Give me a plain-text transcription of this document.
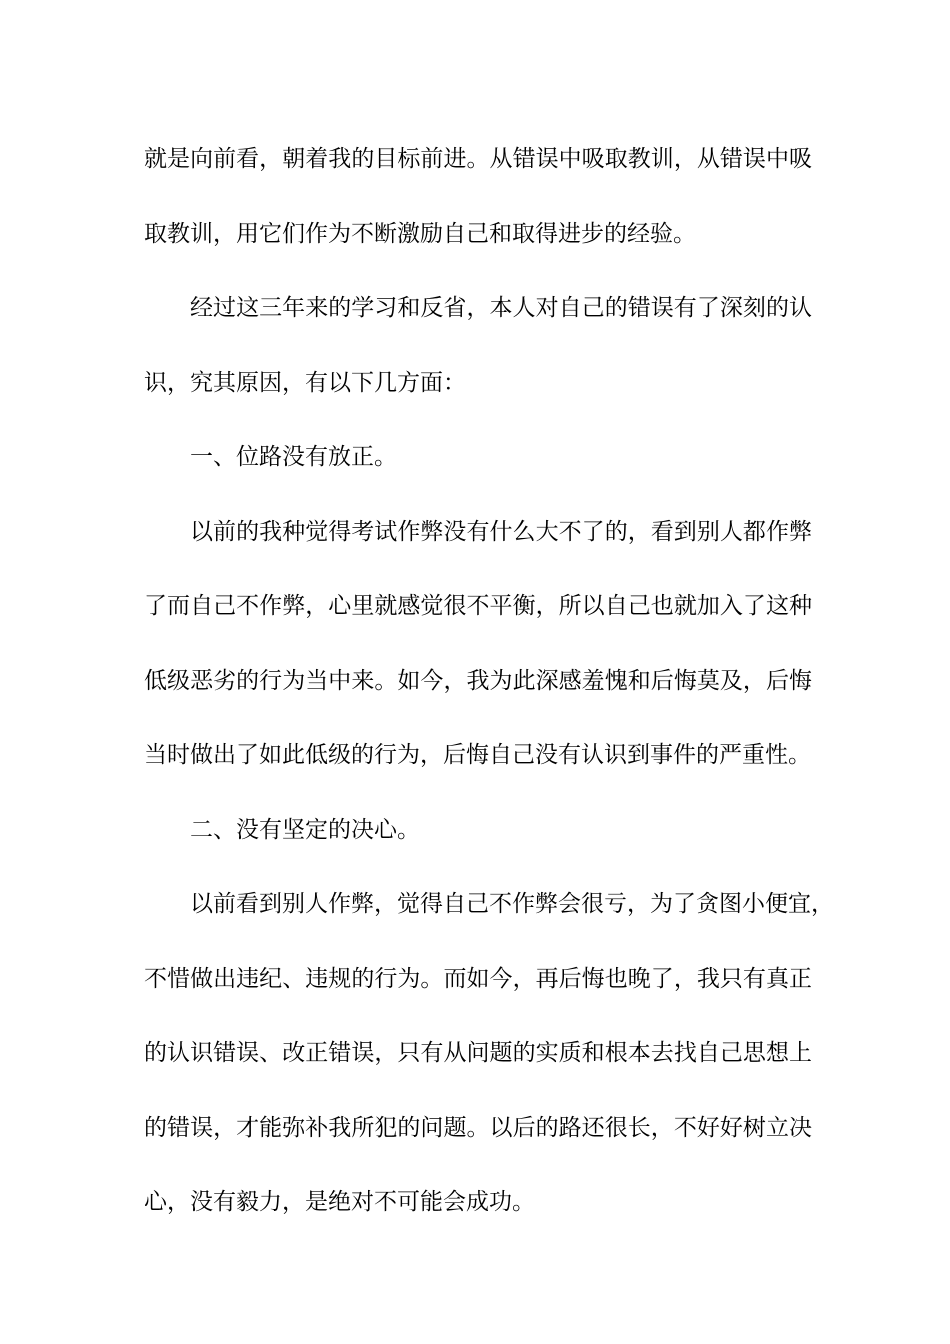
就是向前看，朝着我的目标前进。从错误中吸取教训，从错误中吸
取教训，用它们作为不断激励自己和取得进步的经验。
经过这三年来的学习和反省，本人对自己的错误有了深刻的认
识，究其原因，有以下几方面：
一、位路没有放正。
以前的我种觉得考试作弊没有什么大不了的，看到别人都作弊
了而自己不作弊，心里就感觉很不平衡，所以自己也就加入了这种
低级恶劣的行为当中来。如今，我为此深感羞愧和后悔莫及，后悔
当时做出了如此低级的行为，后悔自己没有认识到事件的严重性。
二、没有坚定的决心。
以前看到别人作弊，觉得自己不作弊会很亏，为了贪图小便宜，
不惜做出违纪、违规的行为。而如今，再后悔也晚了，我只有真正
的认识错误、改正错误，只有从问题的实质和根本去找自己思想上
的错误，才能弥补我所犯的问题。以后的路还很长，不好好树立决
心，没有毅力，是绝对不可能会成功。
